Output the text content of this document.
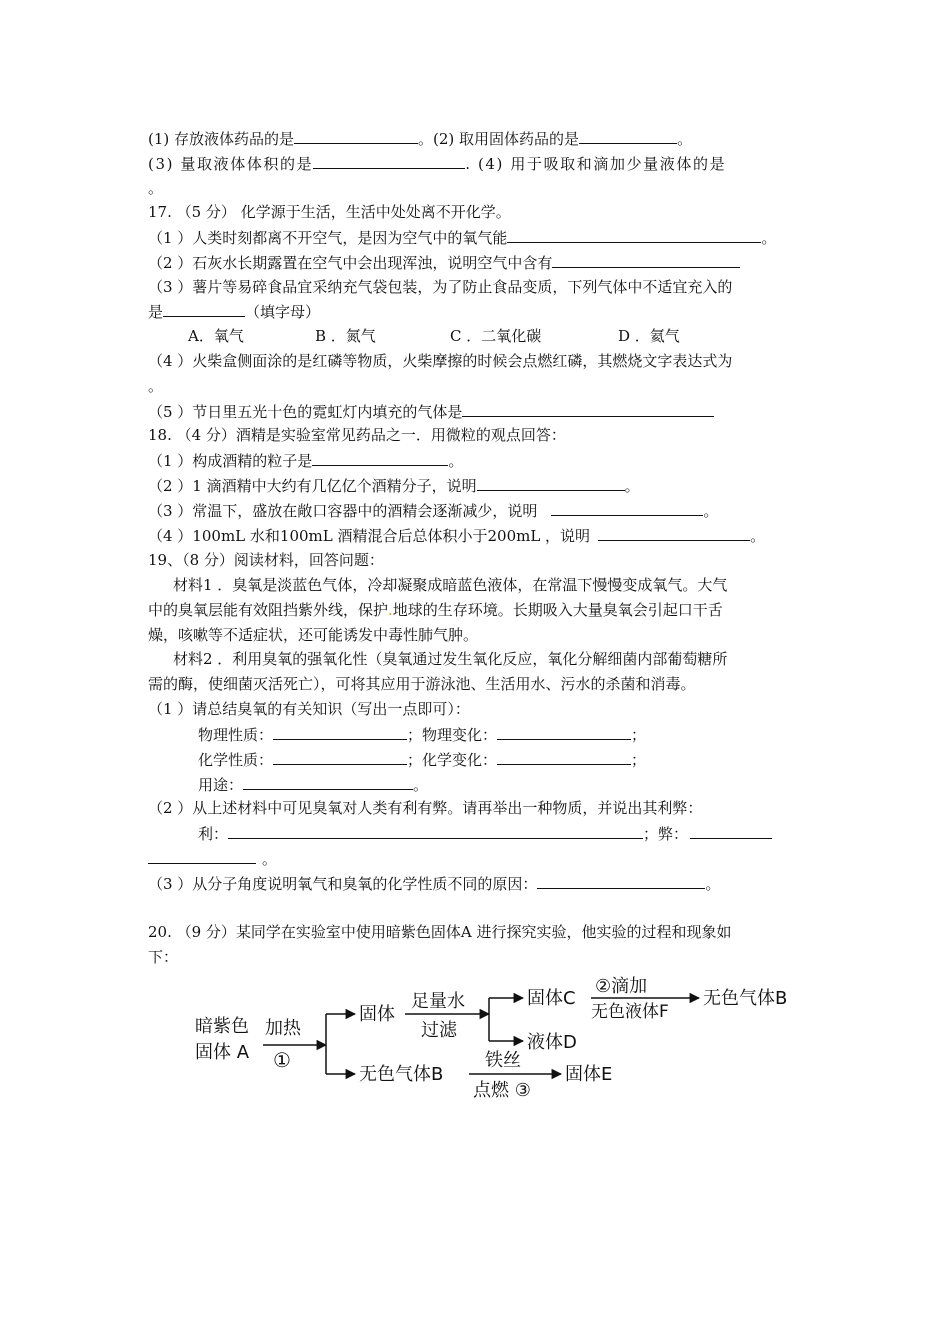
(1) 存放液体药品的是	。(2) 取用固体药品的是	。
(3) 量取液体体积的是	. (4) 用于吸取和滴加少量液体的是
。
17. （5 分） 化学源于生活，生活中处处离不开化学。
（1 ）人类时刻都离不开空气，是因为空气中的氧气能	。
（2 ）石灰水长期露置在空气中会出现浑浊，说明空气中含有
（3 ）薯片等易碎食品宜采纳充气袋包装，为了防止食品变质，下列气体中不适宜充入的
是	（填字母）
A．氧气	B ．氮气	C ．二氧化碳	D ．氦气
（4 ）火柴盒侧面涂的是红磷等物质，火柴摩擦的时候会点燃红磷，其燃烧文字表达式为
。
（5 ）节日里五光十色的霓虹灯内填充的气体是
18. （4 分）酒精是实验室常见药品之一．用微粒的观点回答：
（1 ）构成酒精的粒子是	。
（2 ）1 滴酒精中大约有几亿亿个酒精分子，说明	。
（3 ）常温下，盛放在敞口容器中的酒精会逐渐减少，说明	。
（4 ）100mL 水和100mL 酒精混合后总体积小于200mL ，说明	。
19、（8 分）阅读材料，回答问题：
材料1 ．臭氧是淡蓝色气体，冷却凝聚成暗蓝色液体，在常温下慢慢变成氧气。大气
中的臭氧层能有效阻挡紫外线，保护.地球的生存环境。长期吸入大量臭氧会引起口干舌
燥，咳嗽等不适症状，还可能诱发中毒性肺气肿。
材料2 ．利用臭氧的强氧化性（臭氧通过发生氧化反应，氧化分解细菌内部葡萄糖所
需的酶，使细菌灭活死亡），可将其应用于游泳池、生活用水、污水的杀菌和消毒。
（1 ）请总结臭氧的有关知识（写出一点即可）：
物理性质：	；物理变化：	；
化学性质：	；化学变化：	；
用途：	。
（2 ）从上述材料中可见臭氧对人类有利有弊。请再举出一种物质，并说出其利弊：
利：	；弊：
。
（3 ）从分子角度说明氧气和臭氧的化学性质不同的原因：	。
20. （9 分）某同学在实验室中使用暗紫色固体A 进行探究实验，他实验的过程和现象如
下：
暗紫色
固体 A
加热
①
固体
足量水
过滤
固体C
液体D
②滴加
无色液体F
无色气体B
无色气体B
铁丝
点燃 ③
固体E
